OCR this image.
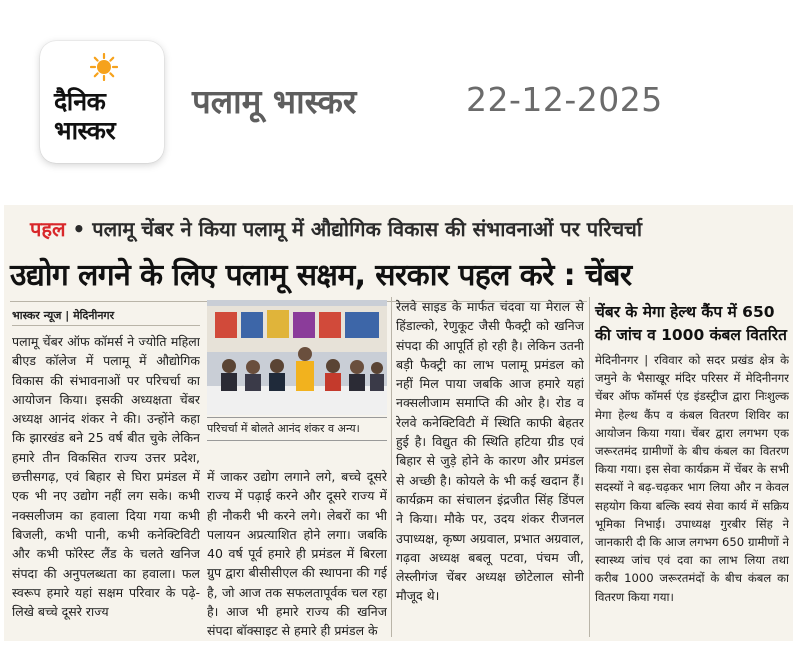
दैनिक
भास्कर
पलामू भास्कर	22-12-2025
पहल • पलामू चेंबर ने किया पलामू में औद्योगिक विकास की संभावनाओं पर परिचर्चा
उद्योग लगने के लिए पलामू सक्षम, सरकार पहल करे : चेंबर
भास्कर न्यूज | मेदिनीनगर
पलामू चेंबर ऑफ कॉमर्स ने ज्योति महिला बीएड कॉलेज में पलामू में औद्योगिक विकास की संभावनाओं पर परिचर्चा का आयोजन किया। इसकी अध्यक्षता चेंबर अध्यक्ष आनंद शंकर ने की। उन्होंने कहा कि झारखंड बने 25 वर्ष बीत चुके लेकिन हमारे तीन विकसित राज्य उत्तर प्रदेश, छत्तीसगढ़, एवं बिहार से घिरा प्रमंडल में एक भी नए उद्योग नहीं लग सके। कभी नक्सलीजम का हवाला दिया गया कभी बिजली, कभी पानी, कभी कनेक्टिविटी और कभी फॉरेस्ट लैंड के चलते खनिज संपदा की अनुपलब्धता का हवाला। फल स्वरूप हमारे यहां सक्षम परिवार के पढ़े-लिखे बच्चे दूसरे राज्य
परिचर्चा में बोलते आनंद शंकर व अन्य।
में जाकर उद्योग लगाने लगे, बच्चे दूसरे राज्य में पढ़ाई करने और दूसरे राज्य में ही नौकरी भी करने लगे। लेबरों का भी पलायन अप्रत्याशित होने लगा। जबकि 40 वर्ष पूर्व हमारे ही प्रमंडल में बिरला ग्रुप द्वारा बीसीसीएल की स्थापना की गई है, जो आज तक सफलतापूर्वक चल रहा है। आज भी हमारे राज्य की खनिज संपदा बॉक्साइट से हमारे ही प्रमंडल के
रेलवे साइड के मार्फत चंदवा या मेराल से हिंडाल्को, रेणुकूट जैसी फैक्ट्री को खनिज संपदा की आपूर्ति हो रही है। लेकिन उतनी बड़ी फैक्ट्री का लाभ पलामू प्रमंडल को नहीं मिल पाया जबकि आज हमारे यहां नक्सलीजाम समाप्ति की ओर है। रोड व रेलवे कनेक्टिविटी में स्थिति काफी बेहतर हुई है। विद्युत की स्थिति हटिया ग्रीड एवं बिहार से जुड़े होने के कारण और प्रमंडल से अच्छी है। कोयले के भी कई खदान हैं। कार्यक्रम का संचालन इंद्रजीत सिंह डिंपल ने किया। मौके पर, उदय शंकर रीजनल उपाध्यक्ष, कृष्ण अग्रवाल, प्रभात अग्रवाल, गढ़वा अध्यक्ष बबलू पटवा, पंचम जी, लेस्लीगंज चेंबर अध्यक्ष छोटेलाल सोनी मौजूद थे।
चेंबर के मेगा हेल्थ कैंप में 650 की जांच व 1000 कंबल वितरित
मेदिनीनगर | रविवार को सदर प्रखंड क्षेत्र के जमुने के भैसाखूर मंदिर परिसर में मेदिनीनगर चेंबर ऑफ कॉमर्स एंड इंडस्ट्रीज द्वारा निःशुल्क मेगा हेल्थ कैंप व कंबल वितरण शिविर का आयोजन किया गया। चेंबर द्वारा लगभग एक जरूरतमंद ग्रामीणों के बीच कंबल का वितरण किया गया। इस सेवा कार्यक्रम में चेंबर के सभी सदस्यों ने बढ़-चढ़कर भाग लिया और न केवल सहयोग किया बल्कि स्वयं सेवा कार्य में सक्रिय भूमिका निभाई। उपाध्यक्ष गुरबीर सिंह ने जानकारी दी कि आज लगभग 650 ग्रामीणों ने स्वास्थ्य जांच एवं दवा का लाभ लिया तथा करीब 1000 जरूरतमंदों के बीच कंबल का वितरण किया गया।
